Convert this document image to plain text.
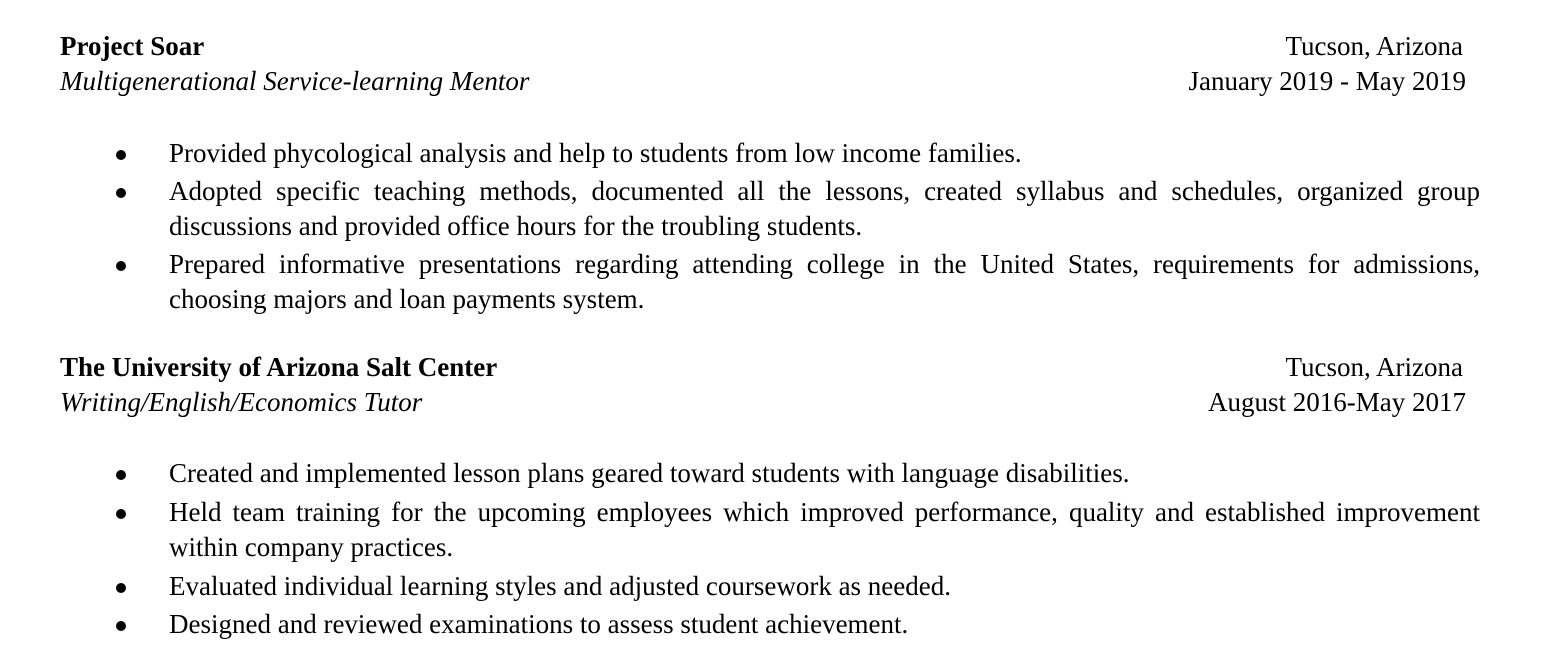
Project Soar	Tucson, Arizona
Multigenerational Service-learning Mentor	January 2019 - May 2019
Provided phycological analysis and help to students from low income families.
Adopted specific teaching methods, documented all the lessons, created syllabus and schedules, organized group discussions and provided office hours for the troubling students.
Prepared informative presentations regarding attending college in the United States, requirements for admissions, choosing majors and loan payments system.
The University of Arizona Salt Center	Tucson, Arizona
Writing/English/Economics Tutor	August 2016-May 2017
Created and implemented lesson plans geared toward students with language disabilities.
Held team training for the upcoming employees which improved performance, quality and established improvement within company practices.
Evaluated individual learning styles and adjusted coursework as needed.
Designed and reviewed examinations to assess student achievement.
